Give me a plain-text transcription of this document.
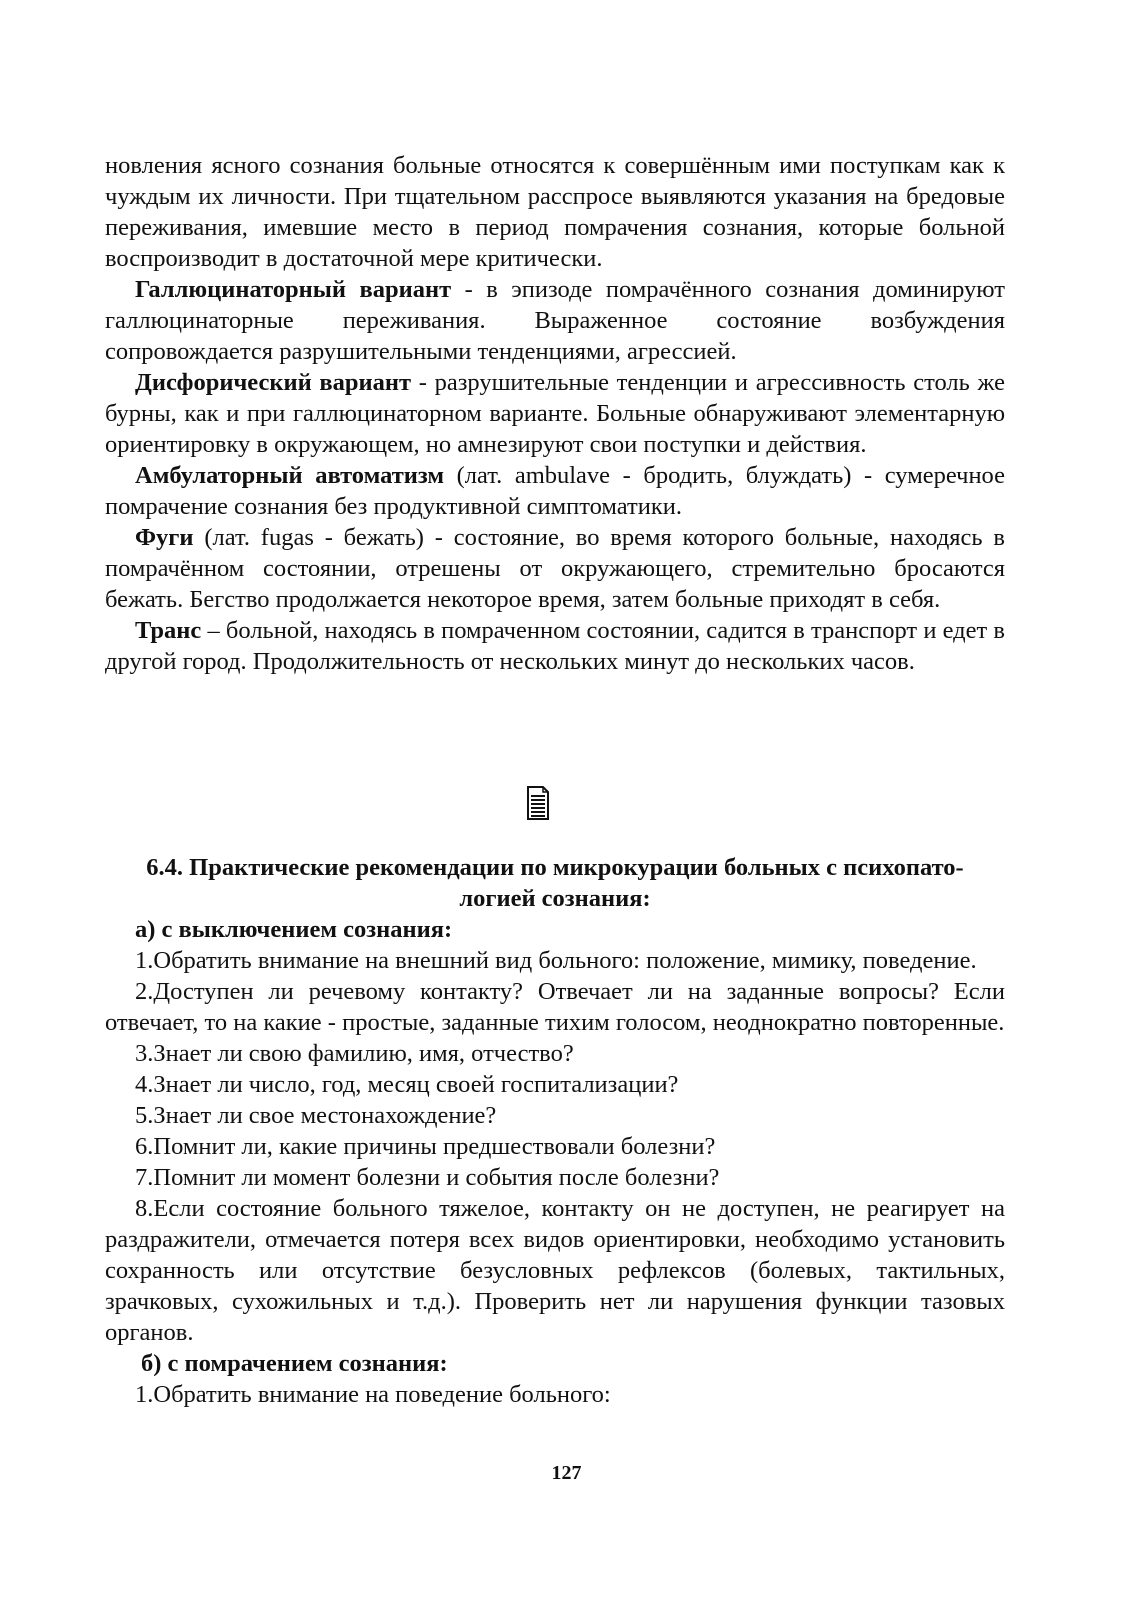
новления ясного сознания больные относятся к совершённым ими поступкам как к чуждым их личности. При тщательном расспросе выявляются указания на бредовые переживания, имевшие место в период помрачения сознания, которые больной воспроизводит в достаточной мере критически.

Галлюцинаторный вариант - в эпизоде помрачённого сознания доминируют галлюцинаторные переживания. Выраженное состояние возбуждения сопровождается разрушительными тенденциями, агрессией.

Дисфорический вариант - разрушительные тенденции и агрессивность столь же бурны, как и при галлюцинаторном варианте. Больные обнаруживают элементарную ориентировку в окружающем, но амнезируют свои поступки и действия.

Амбулаторный автоматизм (лат. ambulave - бродить, блуждать) - сумеречное помрачение сознания без продуктивной симптоматики.

Фуги (лат. fugas - бежать) - состояние, во время которого больные, находясь в помрачённом состоянии, отрешены от окружающего, стремительно бросаются бежать. Бегство продолжается некоторое время, затем больные приходят в себя.

Транс – больной, находясь в помраченном состоянии, садится в транспорт и едет в другой город. Продолжительность от нескольких минут до нескольких часов.

6.4. Практические рекомендации по микрокурации больных с психопато-
логией сознания:

а) с выключением сознания:

1.Обратить внимание на внешний вид больного: положение, мимику, поведение.

2.Доступен ли речевому контакту? Отвечает ли на заданные вопросы? Если отвечает, то на какие - простые, заданные тихим голосом, неоднократно повторенные.

3.Знает ли свою фамилию, имя, отчество?

4.Знает ли число, год, месяц своей госпитализации?

5.Знает ли свое местонахождение?

6.Помнит ли, какие причины предшествовали болезни?

7.Помнит ли момент болезни и события после болезни?

8.Если состояние больного тяжелое, контакту он не доступен, не реагирует на раздражители, отмечается потеря всех видов ориентировки, необходимо установить сохранность или отсутствие безусловных рефлексов (болевых, тактильных, зрачковых, сухожильных и т.д.). Проверить нет ли нарушения функции тазовых органов.

б) с помрачением сознания:

1.Обратить внимание на поведение больного:

127
